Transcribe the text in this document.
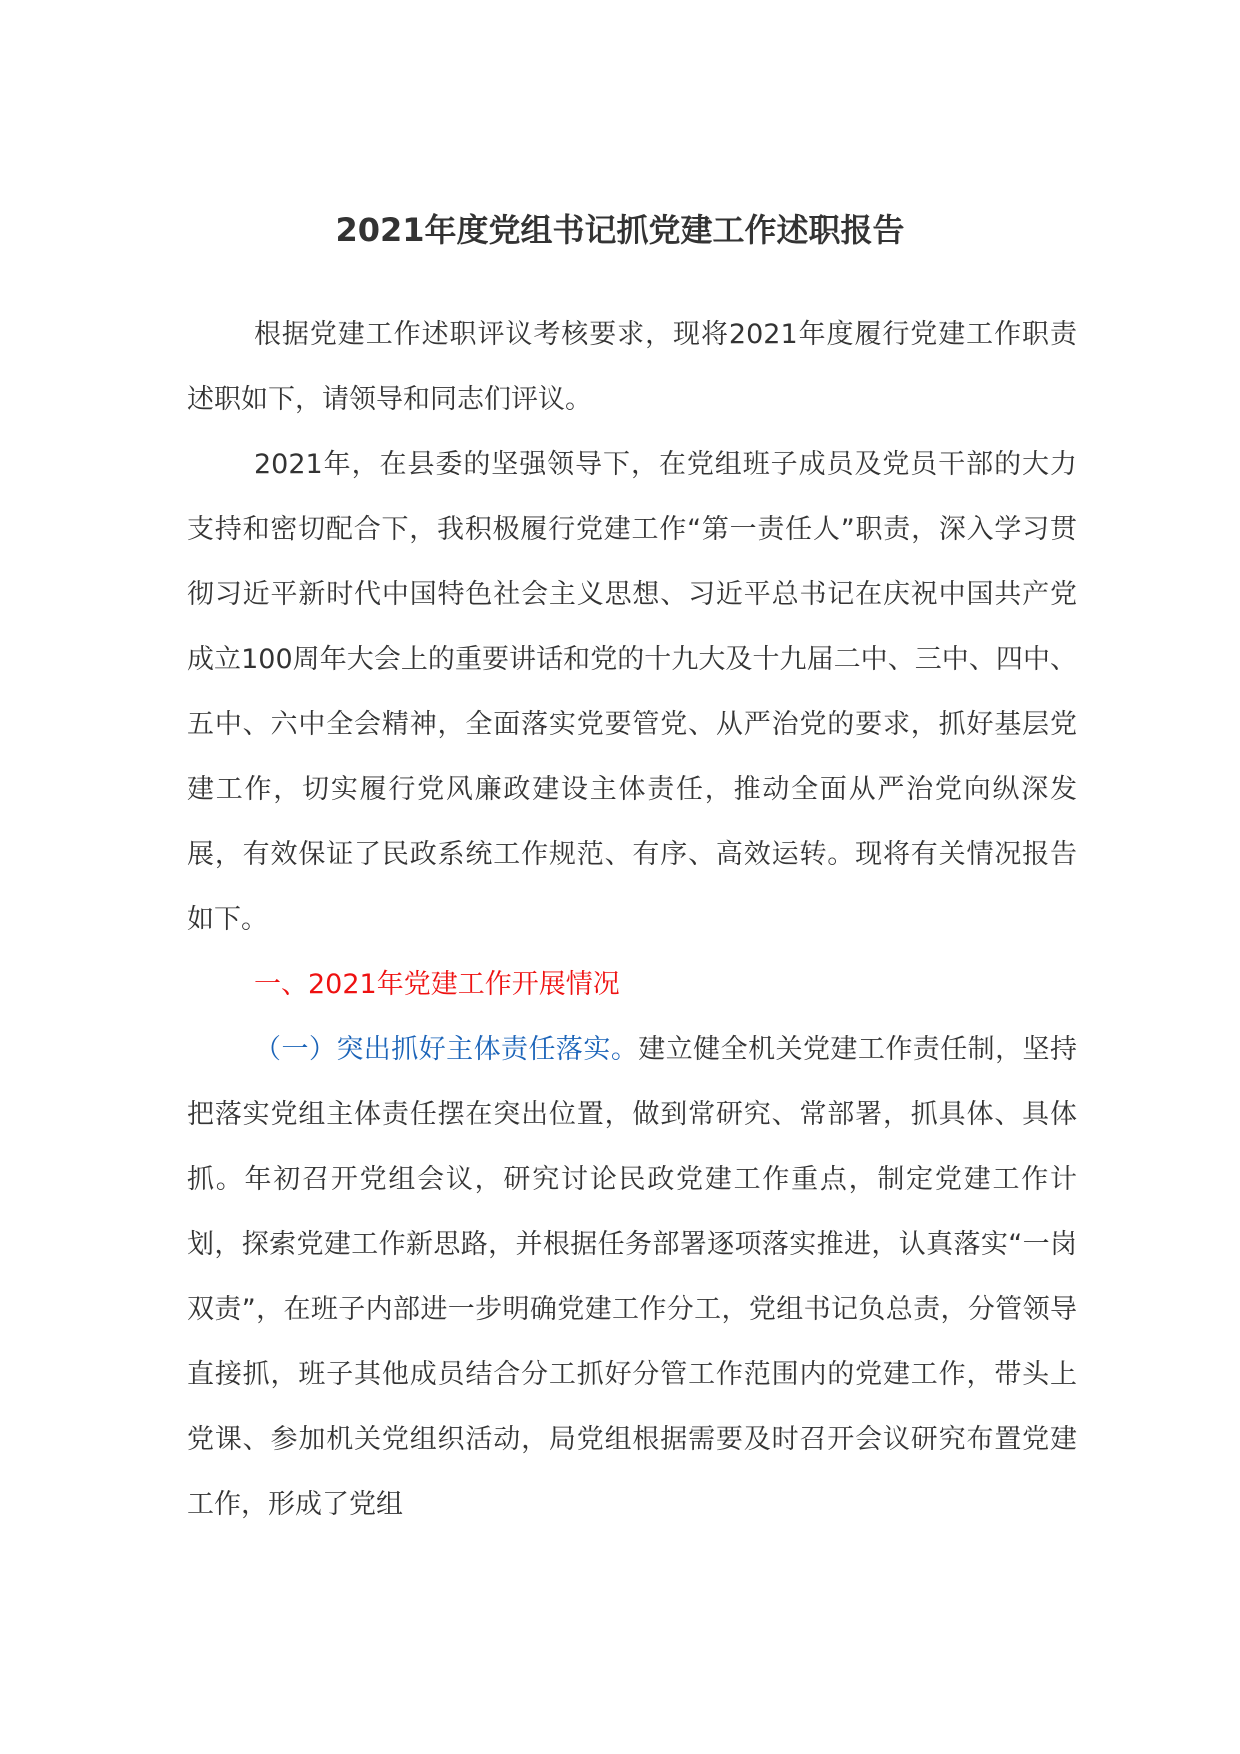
2021年度党组书记抓党建工作述职报告

根据党建工作述职评议考核要求，现将2021年度履行党建工作职责述职如下，请领导和同志们评议。

2021年，在县委的坚强领导下，在党组班子成员及党员干部的大力支持和密切配合下，我积极履行党建工作“第一责任人”职责，深入学习贯彻习近平新时代中国特色社会主义思想、习近平总书记在庆祝中国共产党成立100周年大会上的重要讲话和党的十九大及十九届二中、三中、四中、五中、六中全会精神，全面落实党要管党、从严治党的要求，抓好基层党建工作，切实履行党风廉政建设主体责任，推动全面从严治党向纵深发展，有效保证了民政系统工作规范、有序、高效运转。现将有关情况报告如下。

一、2021年党建工作开展情况

（一）突出抓好主体责任落实。建立健全机关党建工作责任制，坚持把落实党组主体责任摆在突出位置，做到常研究、常部署，抓具体、具体抓。年初召开党组会议，研究讨论民政党建工作重点，制定党建工作计划，探索党建工作新思路，并根据任务部署逐项落实推进，认真落实“一岗双责”，在班子内部进一步明确党建工作分工，党组书记负总责，分管领导直接抓，班子其他成员结合分工抓好分管工作范围内的党建工作，带头上党课、参加机关党组织活动，局党组根据需要及时召开会议研究布置党建工作，形成了党组
